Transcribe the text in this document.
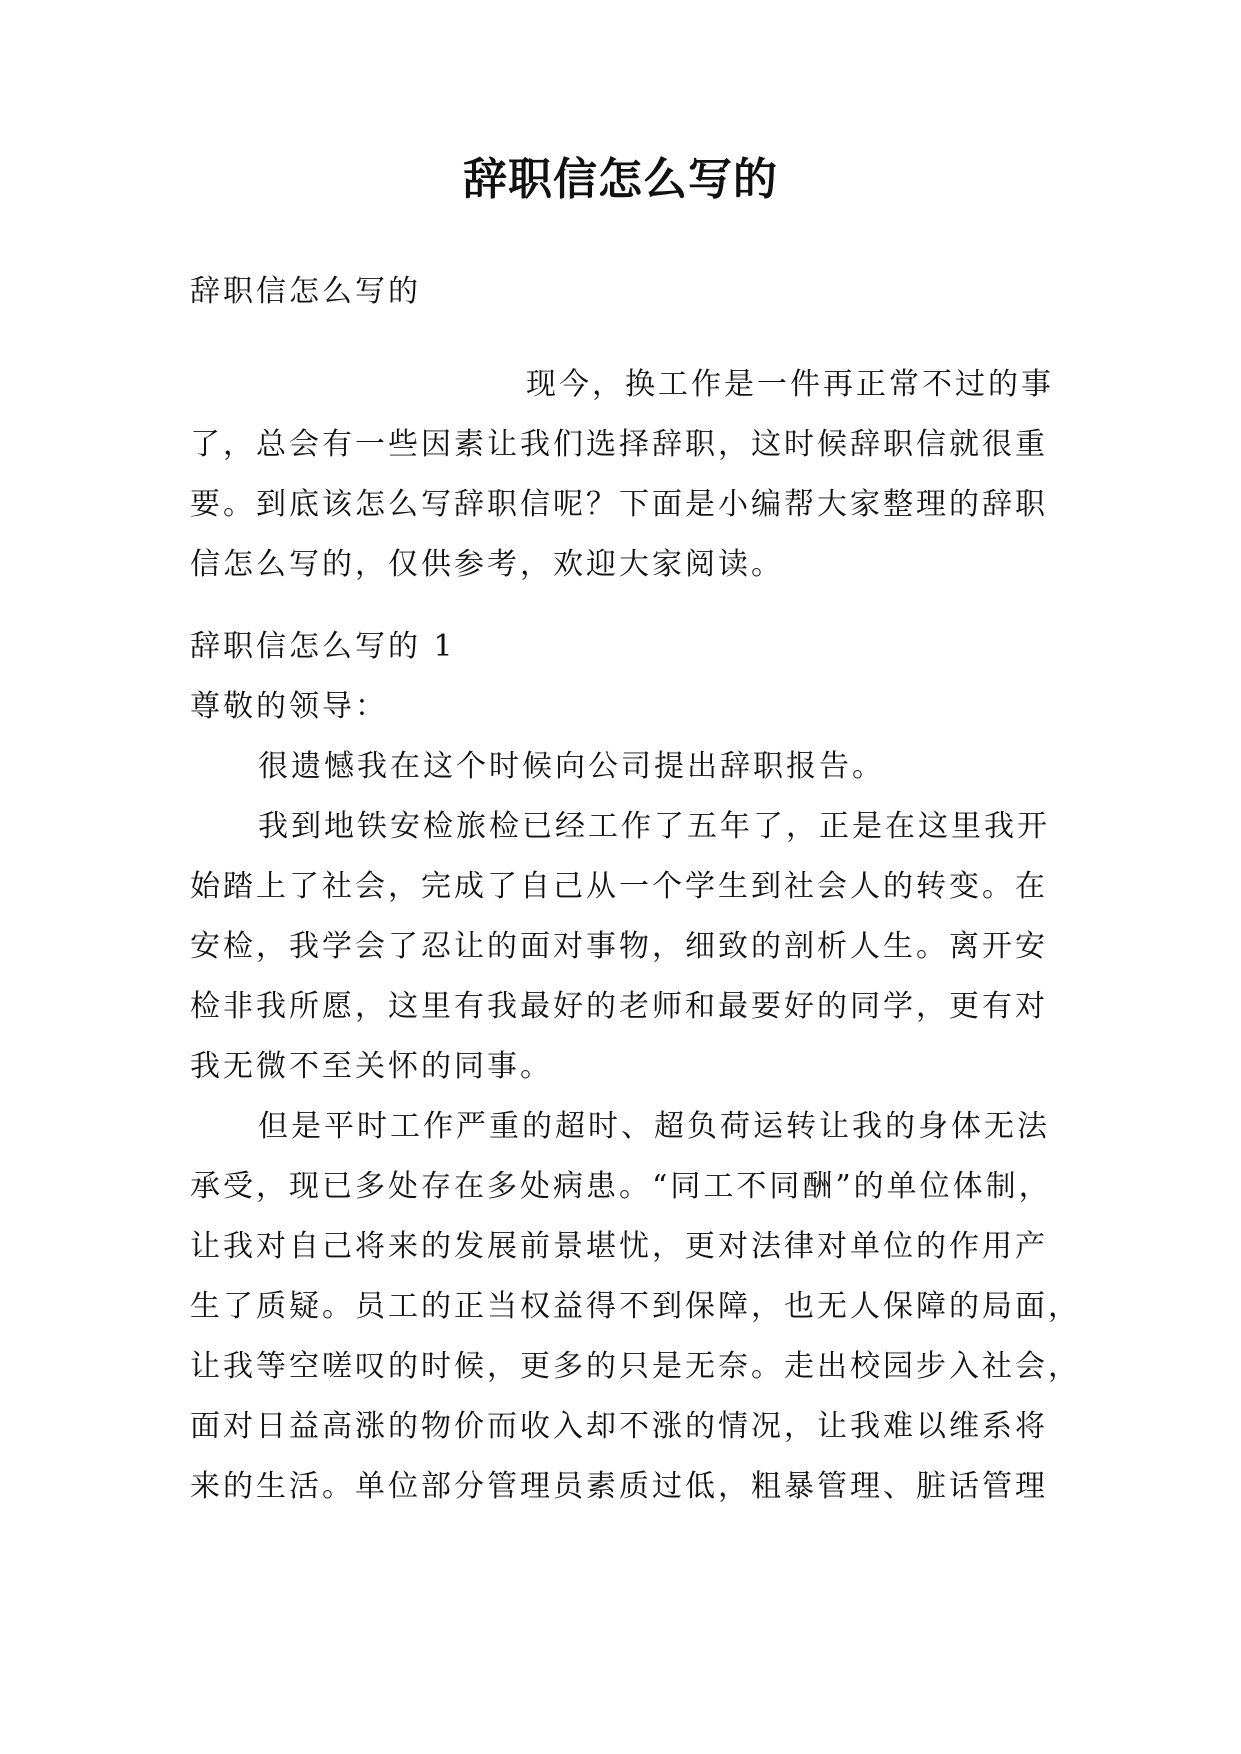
辞职信怎么写的
辞职信怎么写的
现今，换工作是一件再正常不过的事
了，总会有一些因素让我们选择辞职，这时候辞职信就很重
要。到底该怎么写辞职信呢？下面是小编帮大家整理的辞职
信怎么写的，仅供参考，欢迎大家阅读。
辞职信怎么写的 1
尊敬的领导：
很遗憾我在这个时候向公司提出辞职报告。
我到地铁安检旅检已经工作了五年了，正是在这里我开
始踏上了社会，完成了自己从一个学生到社会人的转变。在
安检，我学会了忍让的面对事物，细致的剖析人生。离开安
检非我所愿，这里有我最好的老师和最要好的同学，更有对
我无微不至关怀的同事。
但是平时工作严重的超时、超负荷运转让我的身体无法
承受，现已多处存在多处病患。“同工不同酬”的单位体制，
让我对自己将来的发展前景堪忧，更对法律对单位的作用产
生了质疑。员工的正当权益得不到保障，也无人保障的局面，
让我等空嗟叹的时候，更多的只是无奈。走出校园步入社会，
面对日益高涨的物价而收入却不涨的情况，让我难以维系将
来的生活。单位部分管理员素质过低，粗暴管理、脏话管理
